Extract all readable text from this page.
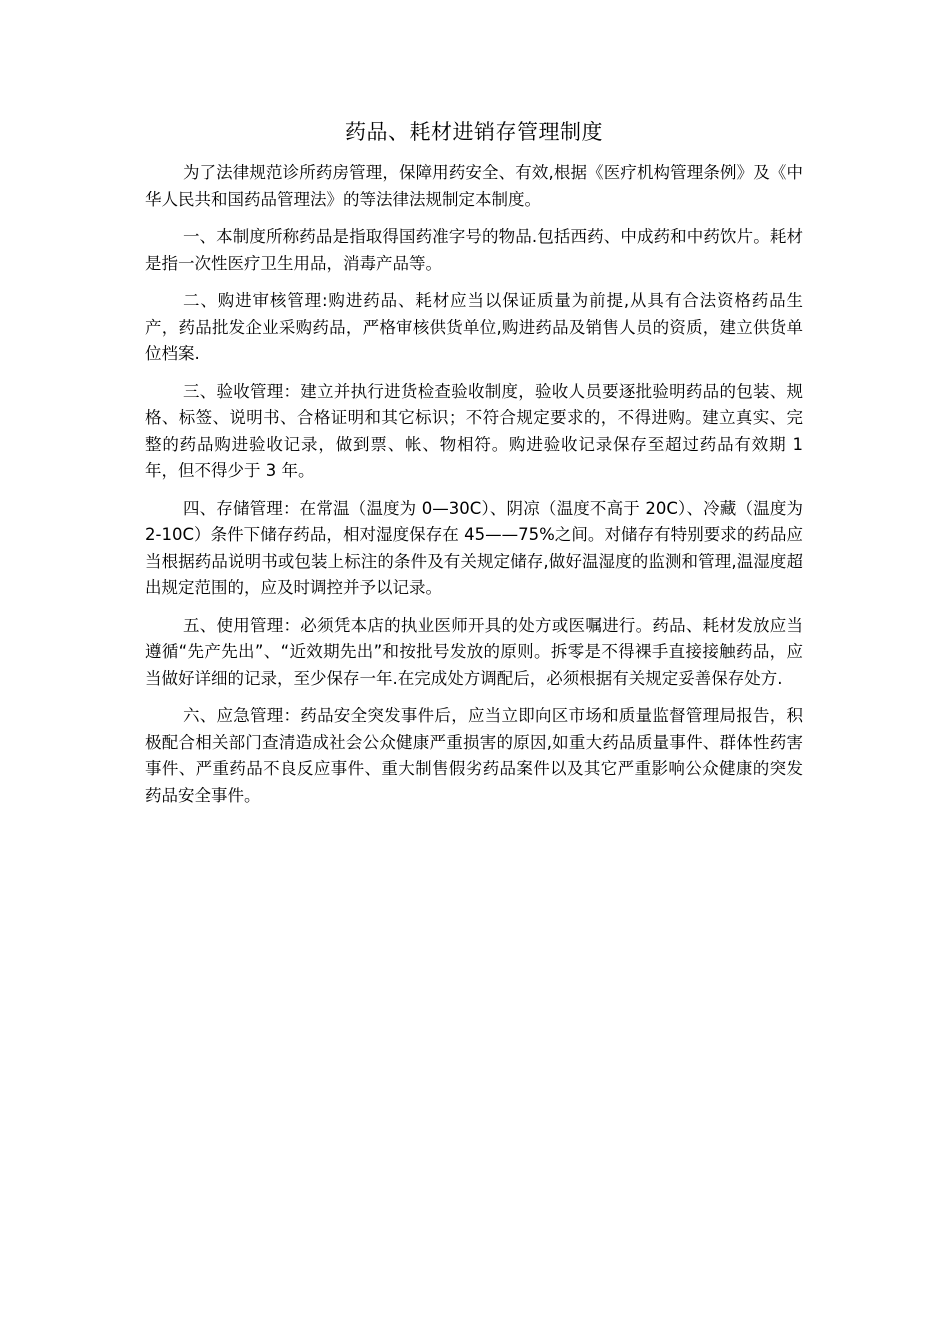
药品、耗材进销存管理制度

为了法律规范诊所药房管理，保障用药安全、有效,根据《医疗机构管理条例》及《中华人民共和国药品管理法》的等法律法规制定本制度。

一、本制度所称药品是指取得国药准字号的物品.包括西药、中成药和中药饮片。耗材是指一次性医疗卫生用品，消毒产品等。

二、购进审核管理:购进药品、耗材应当以保证质量为前提,从具有合法资格药品生产，药品批发企业采购药品，严格审核供货单位,购进药品及销售人员的资质，建立供货单位档案.

三、验收管理：建立并执行进货检查验收制度，验收人员要逐批验明药品的包装、规格、标签、说明书、合格证明和其它标识；不符合规定要求的，不得进购。建立真实、完整的药品购进验收记录，做到票、帐、物相符。购进验收记录保存至超过药品有效期 1 年，但不得少于 3 年。

四、存储管理：在常温（温度为 0—30C）、阴凉（温度不高于 20C）、冷藏（温度为 2-10C）条件下储存药品，相对湿度保存在 45——75%之间。对储存有特别要求的药品应当根据药品说明书或包装上标注的条件及有关规定储存,做好温湿度的监测和管理,温湿度超出规定范围的，应及时调控并予以记录。

五、使用管理：必须凭本店的执业医师开具的处方或医嘱进行。药品、耗材发放应当遵循“先产先出”、“近效期先出”和按批号发放的原则。拆零是不得裸手直接接触药品，应当做好详细的记录，至少保存一年.在完成处方调配后，必须根据有关规定妥善保存处方.

六、应急管理：药品安全突发事件后，应当立即向区市场和质量监督管理局报告，积极配合相关部门查清造成社会公众健康严重损害的原因,如重大药品质量事件、群体性药害事件、严重药品不良反应事件、重大制售假劣药品案件以及其它严重影响公众健康的突发药品安全事件。
